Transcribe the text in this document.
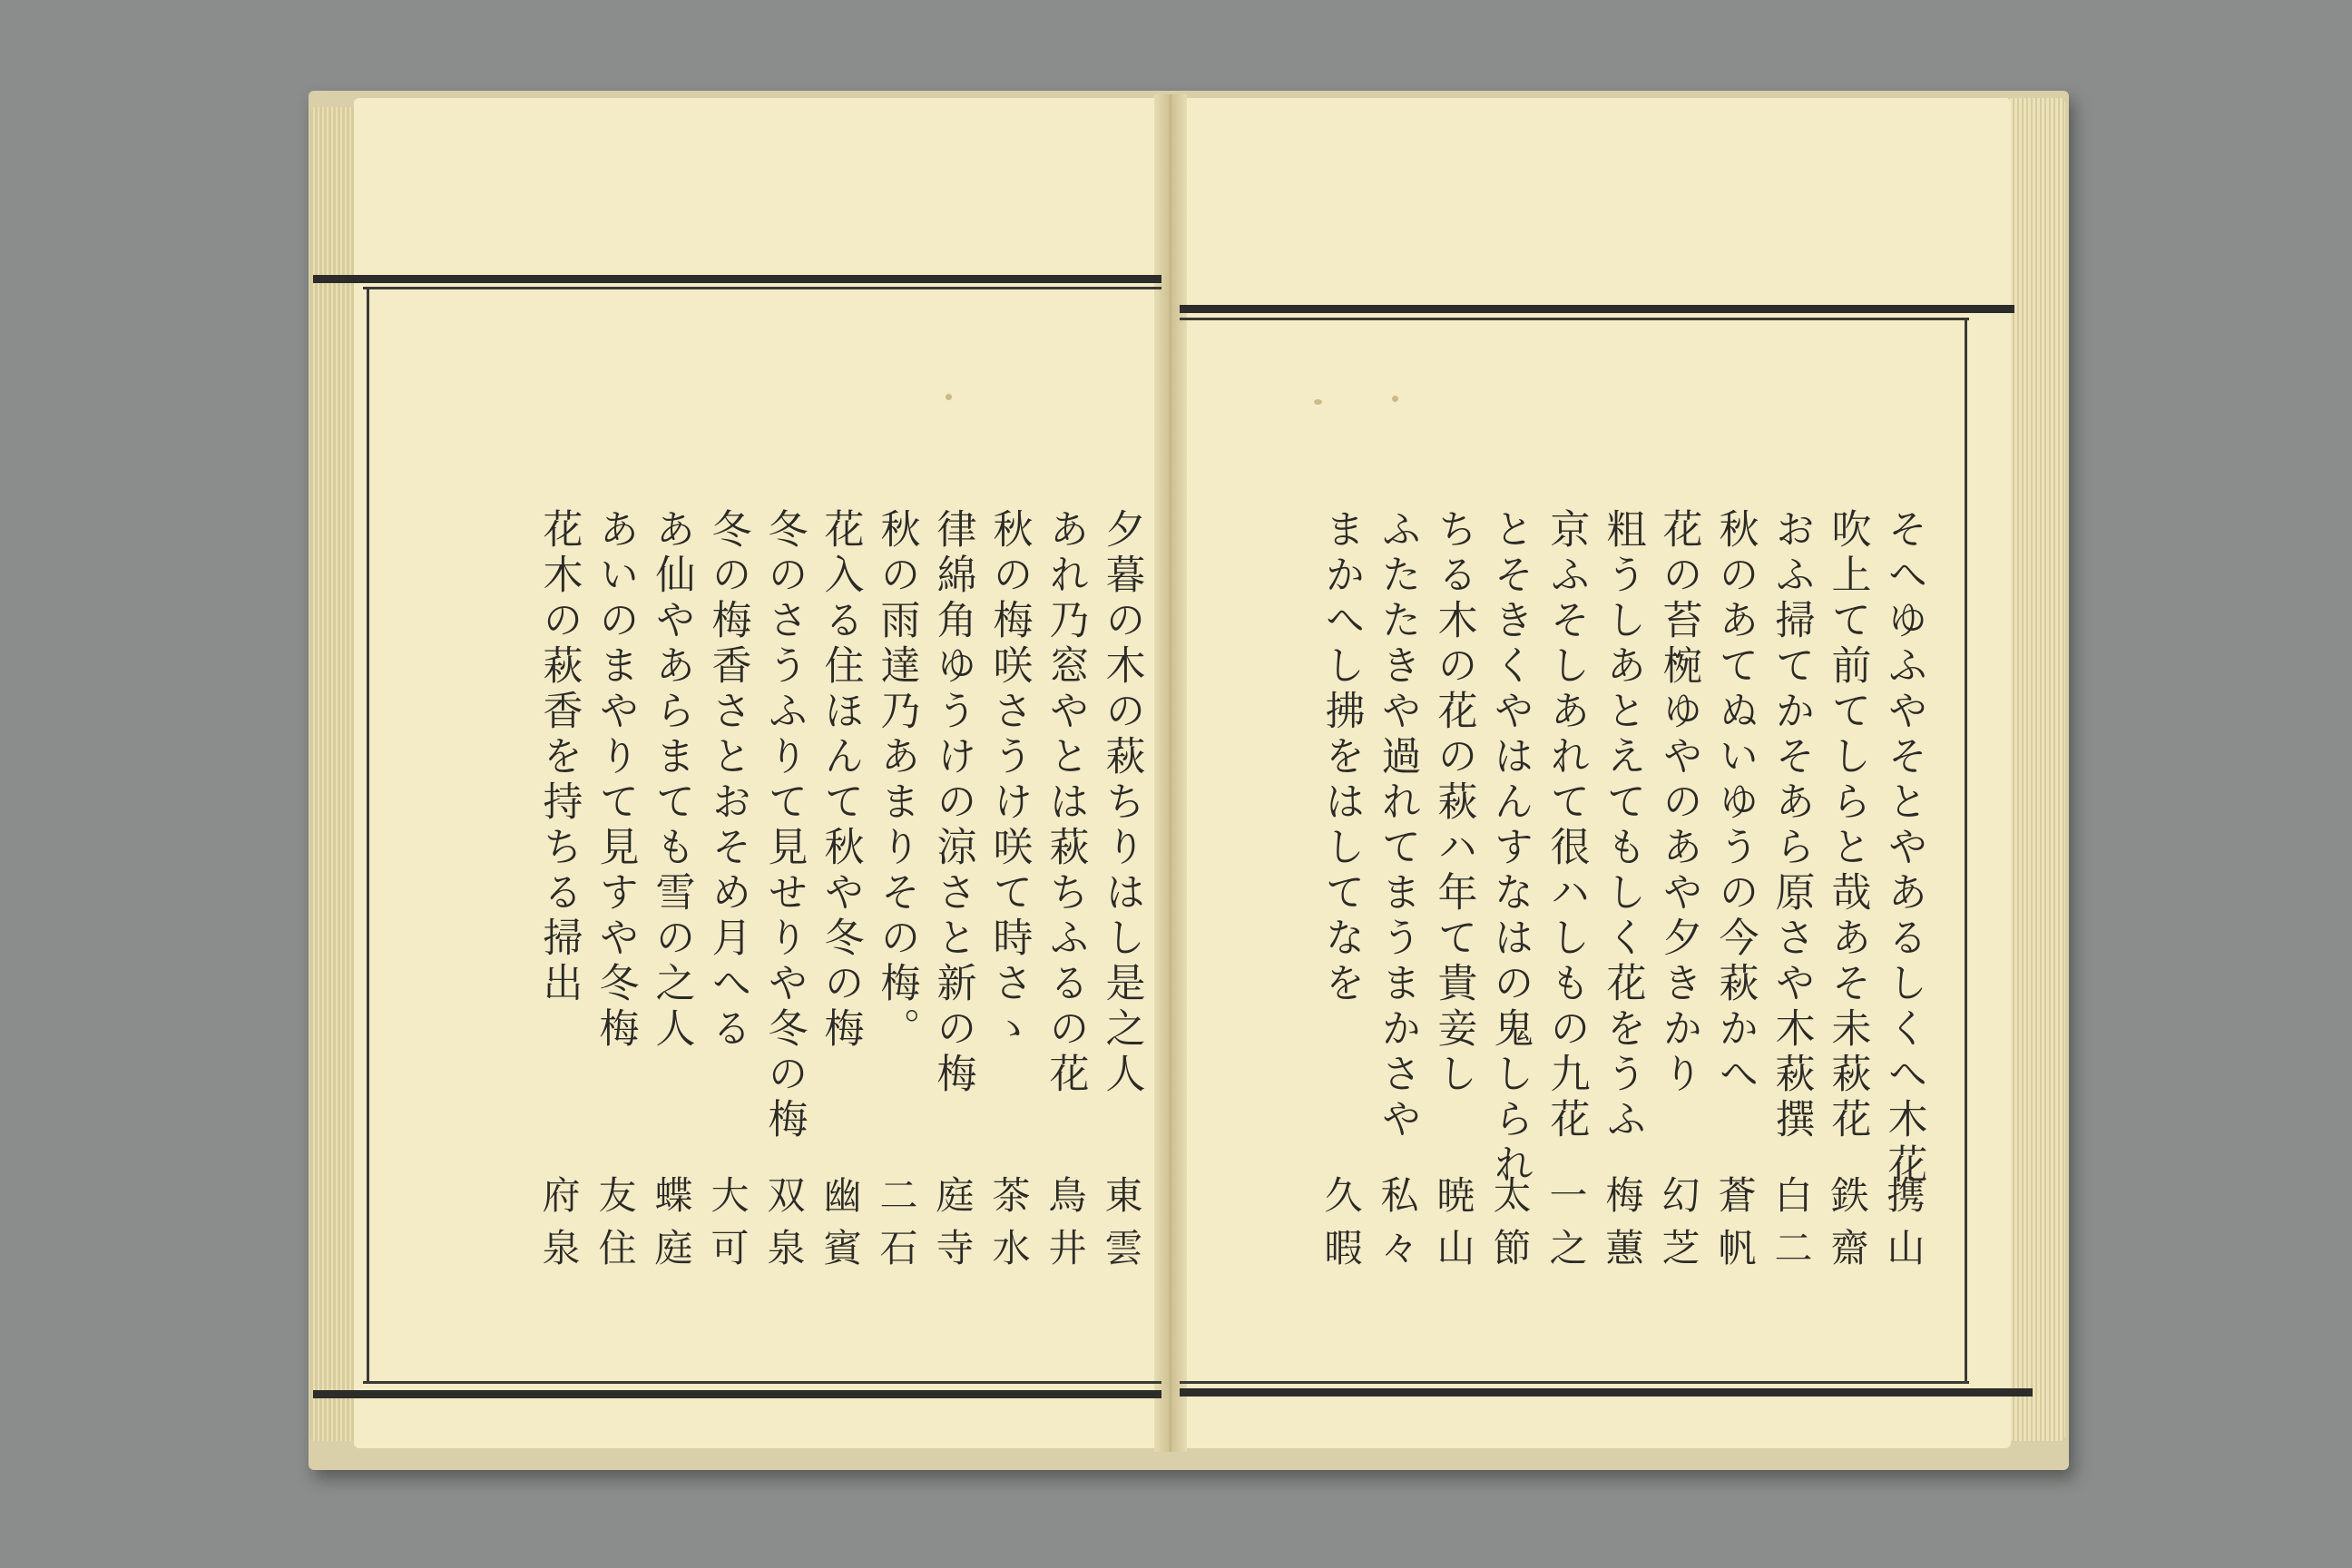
そへゆふやそとやあるしくへ木花
携山
吹上て前てしらと哉あそ未萩花
鉄齋
おふ掃てかそあら原さや木萩撰
白二
秋のあてぬいゆうの今萩かへ
蒼帆
花の苔椀ゆやのあや夕きかり
幻芝
粗うしあとえてもしく花をうふ
梅蕙
京ふそしあれて很ハしもの九花
一之
とそきくやはんすなはの鬼しられ
太節
ちる木の花の萩ハ年て貴妾し
暁山
ふたたきや過れてまうまかさや
私々
まかへし拂をはしてなを
久暇
夕暮の木の萩ちりはし是之人
東雲
あれ乃窓やとは萩ちふるの花
鳥井
秋の梅咲さうけ咲て時さゝ
茶水
律綿角ゆうけの涼さと新の梅
庭寺
秋の雨達乃あまりその梅。
二石
花入る住ほんて秋や冬の梅
幽賓
冬のさうふりて見せりや冬の梅
双泉
冬の梅香さとおそめ月へる
大可
あ仙やあらまても雪の之人
蝶庭
あいのまやりて見すや冬梅
友住
花木の萩香を持ちる掃出
府泉
